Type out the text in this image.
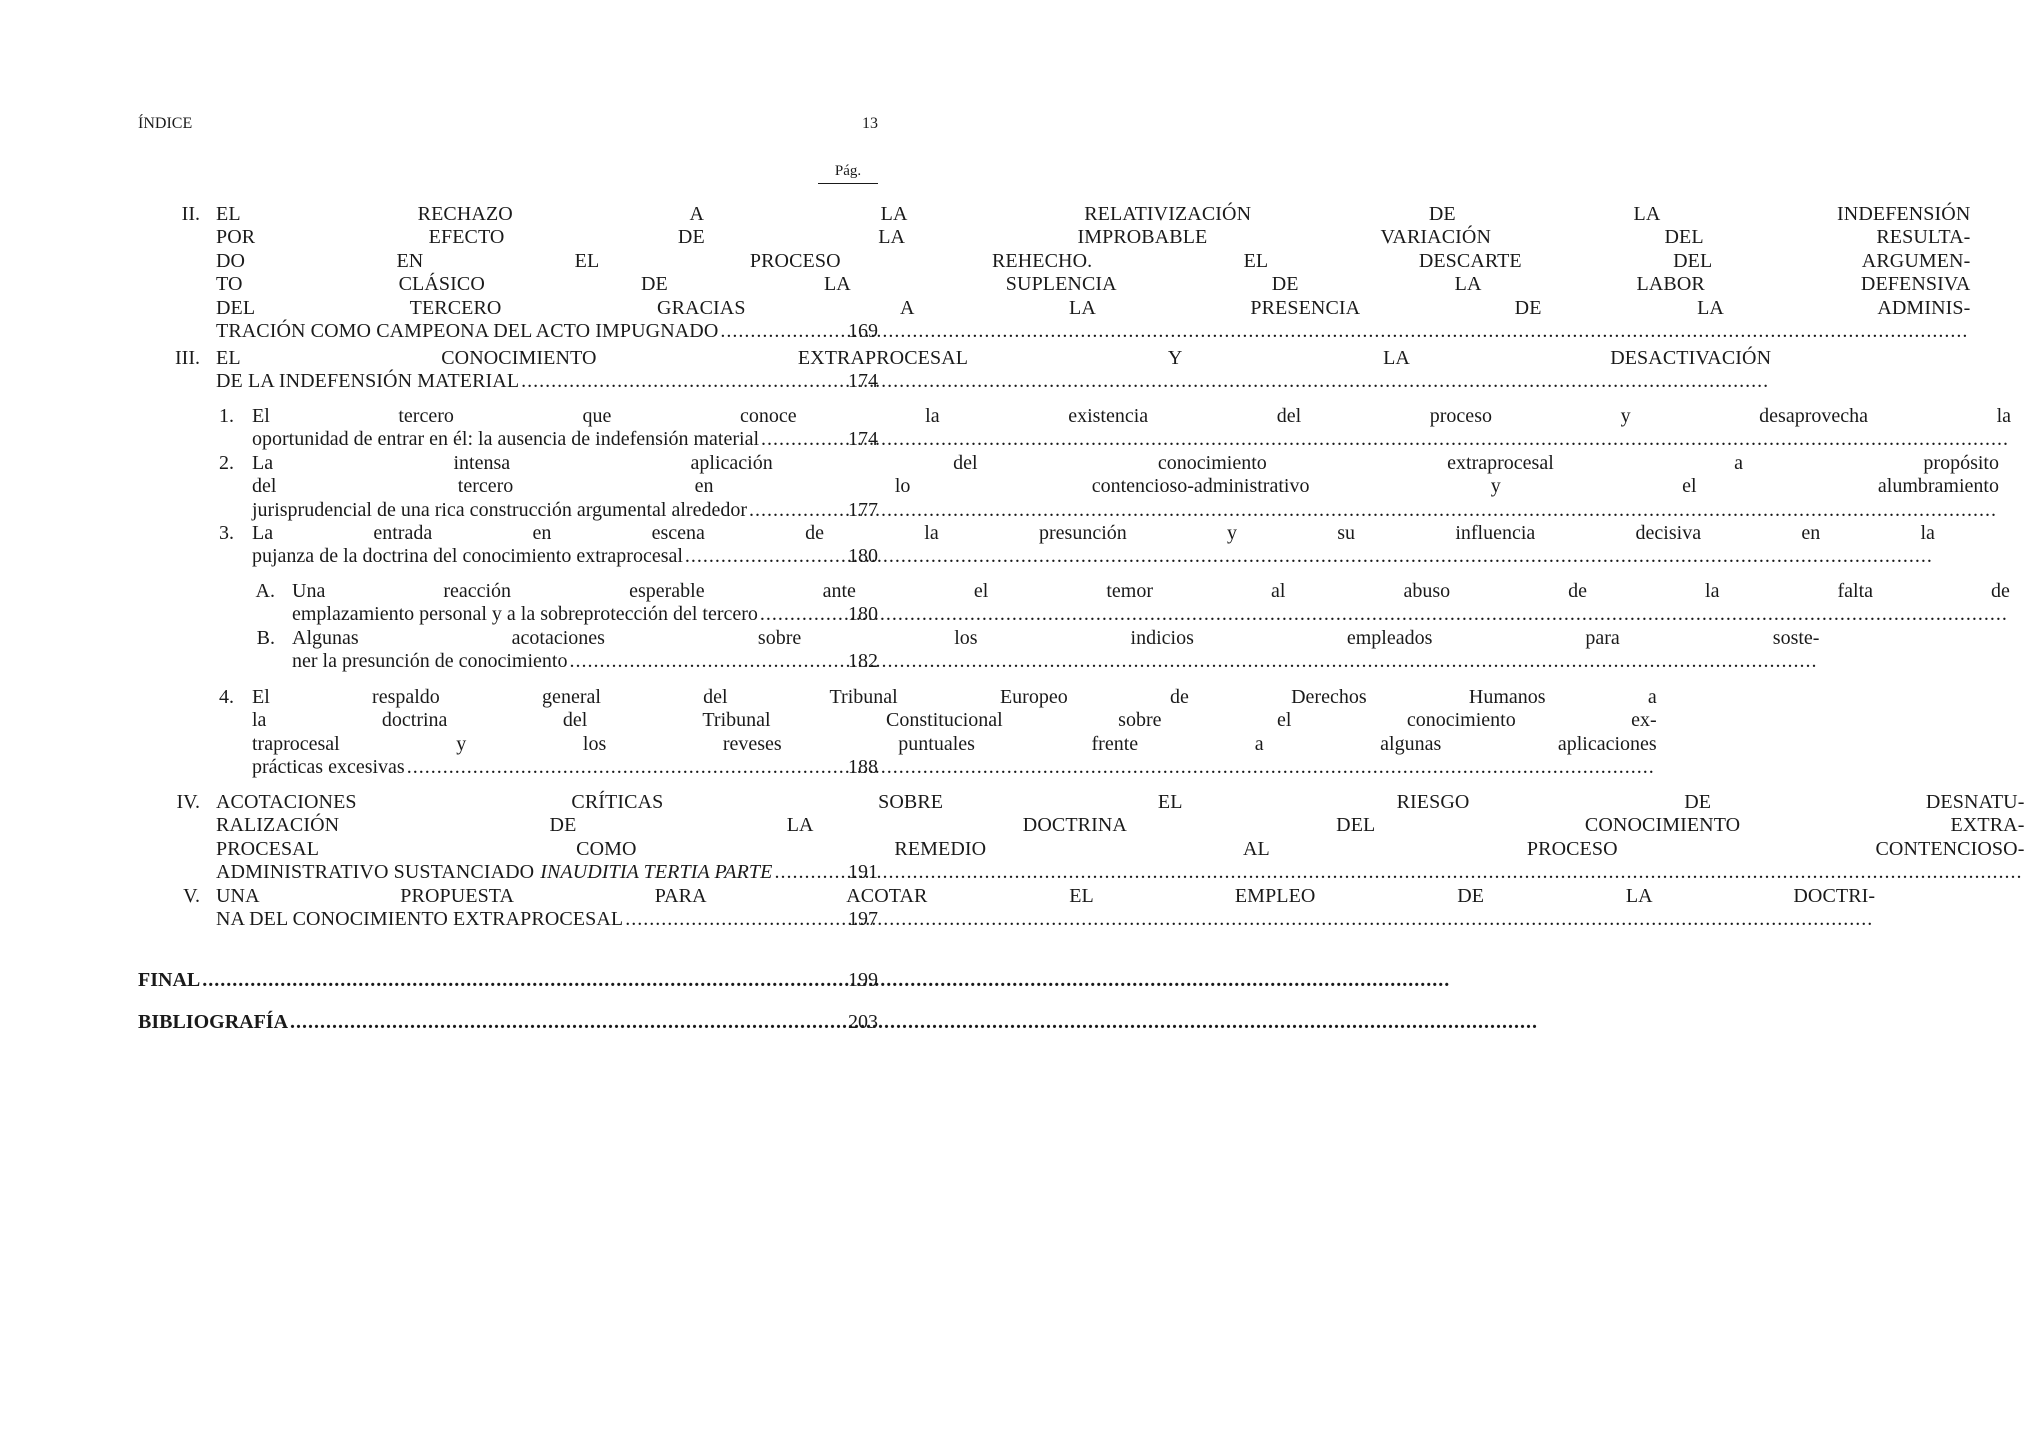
ÍNDICE	13
Pág.
II. EL RECHAZO A LA RELATIVIZACIÓN DE LA INDEFENSIÓN
POR EFECTO DE LA IMPROBABLE VARIACIÓN DEL RESULTA-
DO EN EL PROCESO REHECHO. EL DESCARTE DEL ARGUMEN-
TO CLÁSICO DE LA SUPLENCIA DE LA LABOR DEFENSIVA
DEL TERCERO GRACIAS A LA PRESENCIA DE LA ADMINIS-
TRACIÓN COMO CAMPEONA DEL ACTO IMPUGNADO .....	169
III. EL CONOCIMIENTO EXTRAPROCESAL Y LA DESACTIVACIÓN
DE LA INDEFENSIÓN MATERIAL .....	174
1. El tercero que conoce la existencia del proceso y desaprovecha la
oportunidad de entrar en él: la ausencia de indefensión material .....	174
2. La intensa aplicación del conocimiento extraprocesal a propósito
del tercero en lo contencioso-administrativo y el alumbramiento
jurisprudencial de una rica construcción argumental alrededor .....	177
3. La entrada en escena de la presunción y su influencia decisiva en la
pujanza de la doctrina del conocimiento extraprocesal .....	180
A. Una reacción esperable ante el temor al abuso de la falta de
emplazamiento personal y a la sobreprotección del tercero .....	180
B. Algunas acotaciones sobre los indicios empleados para soste-
ner la presunción de conocimiento .....	182
4. El respaldo general del Tribunal Europeo de Derechos Humanos a
la doctrina del Tribunal Constitucional sobre el conocimiento ex-
traprocesal y los reveses puntuales frente a algunas aplicaciones
prácticas excesivas .....	188
IV. ACOTACIONES CRÍTICAS SOBRE EL RIESGO DE DESNATU-
RALIZACIÓN DE LA DOCTRINA DEL CONOCIMIENTO EXTRA-
PROCESAL COMO REMEDIO AL PROCESO CONTENCIOSO-
ADMINISTRATIVO SUSTANCIADO INAUDITIA TERTIA PARTE .....	191
V. UNA PROPUESTA PARA ACOTAR EL EMPLEO DE LA DOCTRI-
NA DEL CONOCIMIENTO EXTRAPROCESAL .....	197
FINAL .....	199
BIBLIOGRAFÍA .....	203
